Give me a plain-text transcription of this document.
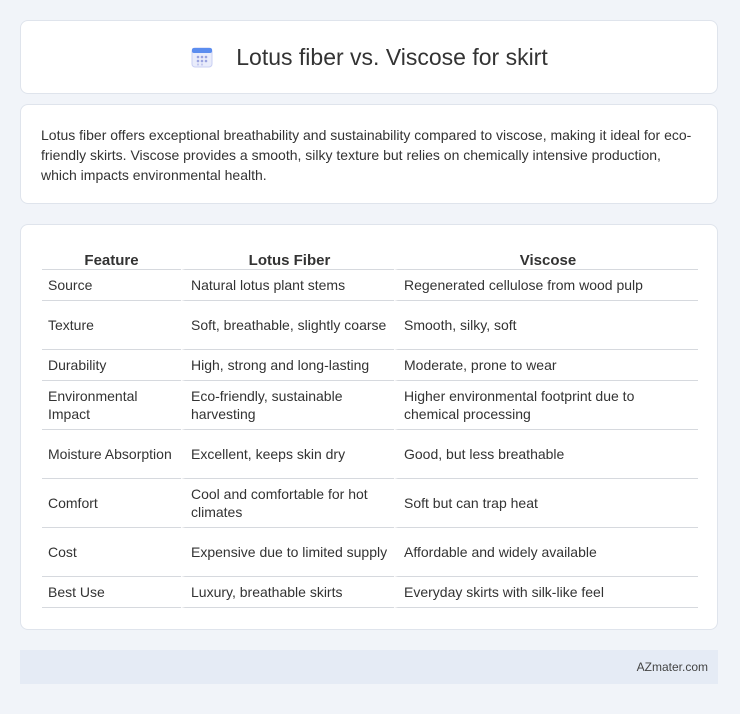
Lotus fiber vs. Viscose for skirt

Lotus fiber offers exceptional breathability and sustainability compared to viscose, making it ideal for eco-friendly skirts. Viscose provides a smooth, silky texture but relies on chemically intensive production, which impacts environmental health.

Feature	Lotus Fiber	Viscose
Source	Natural lotus plant stems	Regenerated cellulose from wood pulp
Texture	Soft, breathable, slightly coarse	Smooth, silky, soft
Durability	High, strong and long-lasting	Moderate, prone to wear
Environmental Impact	Eco-friendly, sustainable harvesting	Higher environmental footprint due to chemical processing
Moisture Absorption	Excellent, keeps skin dry	Good, but less breathable
Comfort	Cool and comfortable for hot climates	Soft but can trap heat
Cost	Expensive due to limited supply	Affordable and widely available
Best Use	Luxury, breathable skirts	Everyday skirts with silk-like feel
AZmater.com
